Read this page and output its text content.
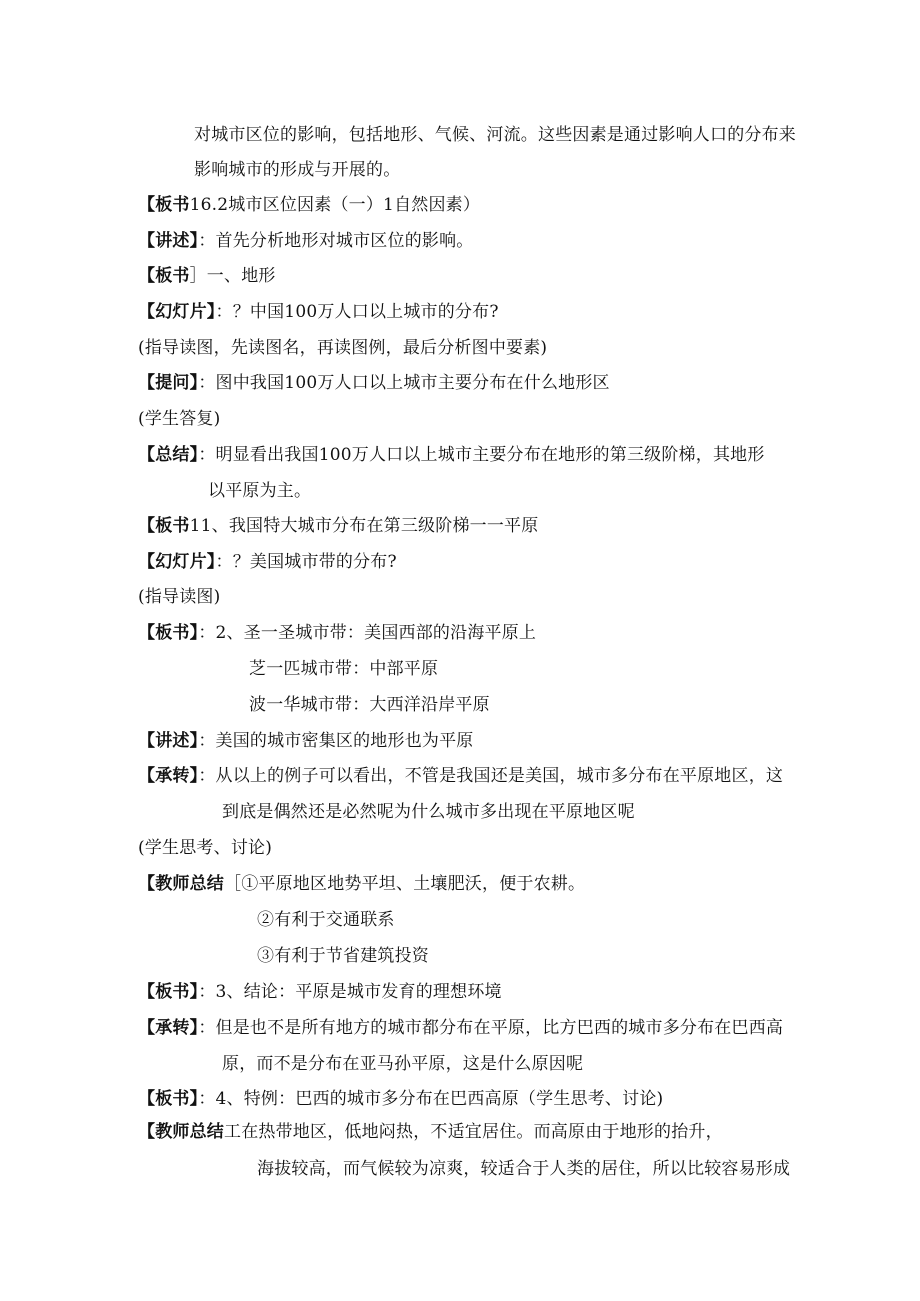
对城市区位的影响，包括地形、气候、河流。这些因素是通过影响人口的分布来
影响城市的形成与开展的。
【板书16.2城市区位因素（一）1自然因素）
【讲述】：首先分析地形对城市区位的影响。
【板书］一、地形
【幻灯片】：？中国100万人口以上城市的分布?
(指导读图，先读图名，再读图例，最后分析图中要素)
【提问】：图中我国100万人口以上城市主要分布在什么地形区
(学生答复)
【总结】：明显看出我国100万人口以上城市主要分布在地形的第三级阶梯，其地形
以平原为主。
【板书11、我国特大城市分布在第三级阶梯一一平原
【幻灯片】：？美国城市带的分布?
(指导读图)
【板书】：2、圣一圣城市带：美国西部的沿海平原上
芝一匹城市带：中部平原
波一华城市带：大西洋沿岸平原
【讲述】：美国的城市密集区的地形也为平原
【承转】：从以上的例子可以看出，不管是我国还是美国，城市多分布在平原地区，这
到底是偶然还是必然呢为什么城市多出现在平原地区呢
(学生思考、讨论)
【教师总结［①平原地区地势平坦、土壤肥沃，便于农耕。
②有利于交通联系
③有利于节省建筑投资
【板书】：3、结论：平原是城市发育的理想环境
【承转】：但是也不是所有地方的城市都分布在平原，比方巴西的城市多分布在巴西高
原，而不是分布在亚马孙平原，这是什么原因呢
【板书】：4、特例：巴西的城市多分布在巴西高原（学生思考、讨论)
【教师总结工在热带地区，低地闷热，不适宜居住。而高原由于地形的抬升，
海拔较高，而气候较为凉爽，较适合于人类的居住，所以比较容易形成
